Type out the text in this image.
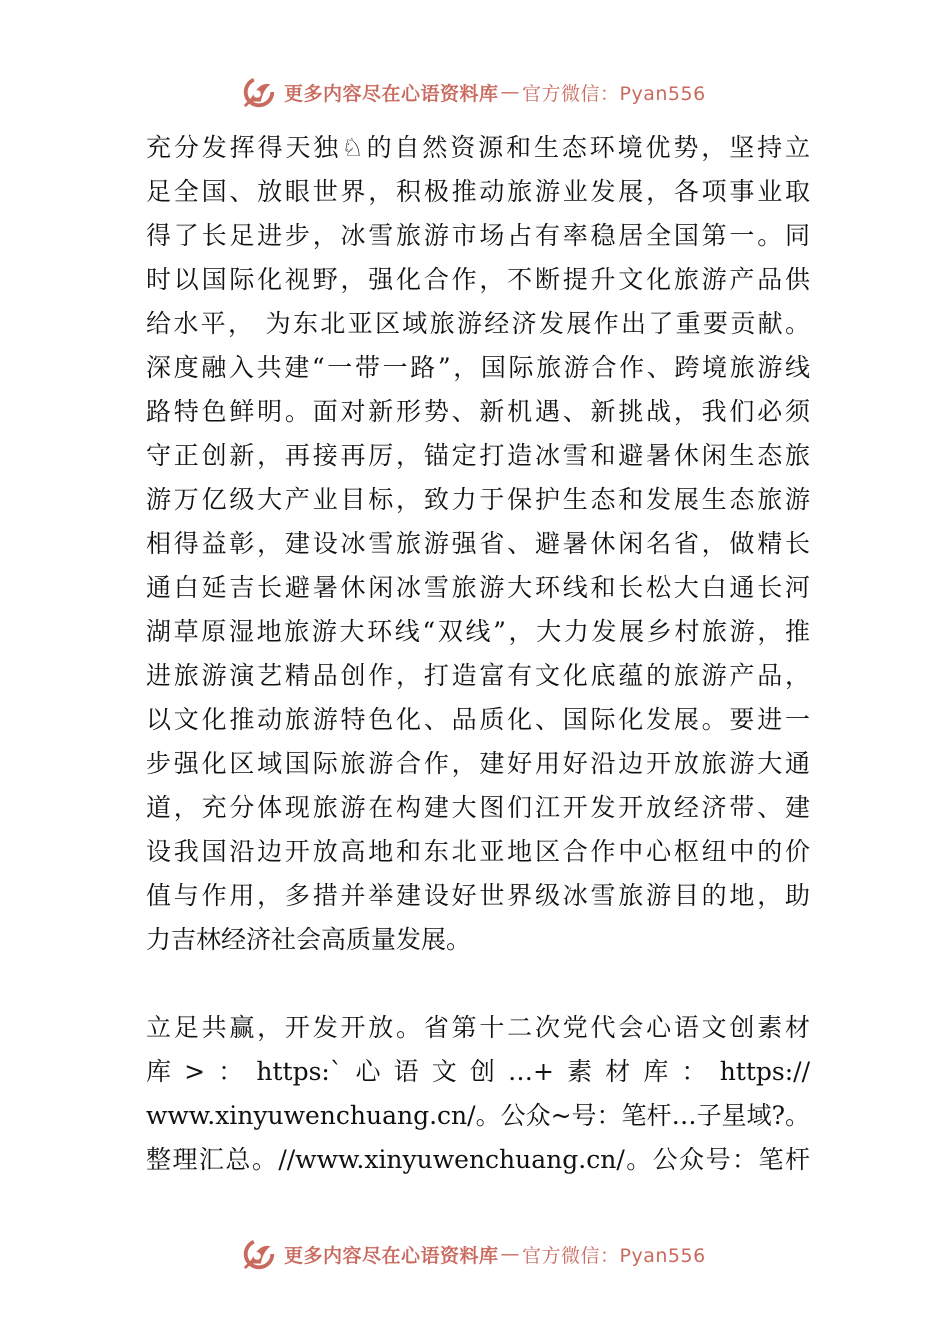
更多内容尽在心语资料库 — 官方微信：Pyan556
充分发挥得天独♘的自然资源和生态环境优势，坚持立
足全国、放眼世界，积极推动旅游业发展，各项事业取
得了长足进步，冰雪旅游市场占有率稳居全国第一。同
时以国际化视野，强化合作，不断提升文化旅游产品供
给水平， 为东北亚区域旅游经济发展作出了重要贡献。
深度融入共建“一带一路”，国际旅游合作、跨境旅游线
路特色鲜明。面对新形势、新机遇、新挑战，我们必须
守正创新，再接再厉，锚定打造冰雪和避暑休闲生态旅
游万亿级大产业目标，致力于保护生态和发展生态旅游
相得益彰，建设冰雪旅游强省、避暑休闲名省，做精长
通白延吉长避暑休闲冰雪旅游大环线和长松大白通长河
湖草原湿地旅游大环线“双线”，大力发展乡村旅游，推
进旅游演艺精品创作，打造富有文化底蕴的旅游产品，
以文化推动旅游特色化、品质化、国际化发展。要进一
步强化区域国际旅游合作，建好用好沿边开放旅游大通
道，充分体现旅游在构建大图们江开发开放经济带、建
设我国沿边开放高地和东北亚地区合作中心枢纽中的价
值与作用，多措并举建设好世界级冰雪旅游目的地，助
力吉林经济社会高质量发展。
立足共赢，开发开放。省第十二次党代会心语文创素材
库>：https:`心语文创…+素材库：https://
www.xinyuwenchuang.cn/。公众~号：笔杆…子星域?。
整理汇总。//www.xinyuwenchuang.cn/。公众号：笔杆
更多内容尽在心语资料库 — 官方微信：Pyan556
